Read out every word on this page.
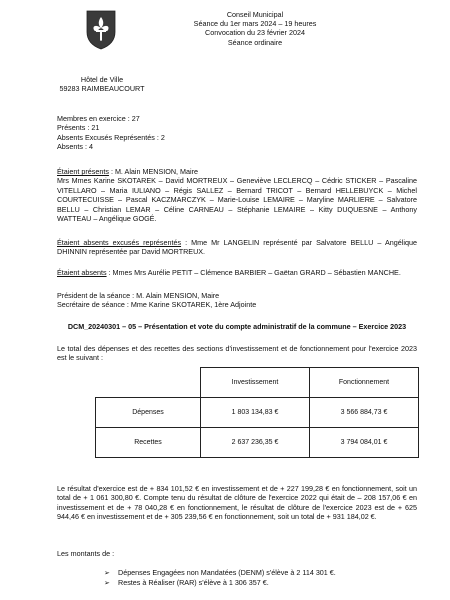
Hôtel de Ville
59283 RAIMBEAUCOURT
Conseil Municipal
Séance du 1er mars 2024 – 19 heures
Convocation du 23 février 2024
Séance ordinaire
Membres en exercice : 27
Présents : 21
Absents Excusés Représentés : 2
Absents : 4
Étaient présents : M. Alain MENSION, Maire
Mrs Mmes Karine SKOTAREK – David MORTREUX – Geneviève LECLERCQ – Cédric STICKER – Pascaline VITELLARO – Maria IULIANO – Régis SALLEZ – Bernard TRICOT – Bernard HELLEBUYCK – Michel COURTECUISSE – Pascal KACZMARCZYK – Marie-Louise LEMAIRE – Maryline MARLIERE – Salvatore BELLU – Christian LEMAR – Céline CARNEAU – Stéphanie LEMAIRE – Kitty DUQUESNE – Anthony WATTEAU – Angélique GOGÉ.
Étaient absents excusés représentés : Mme Mr LANGELIN représenté par Salvatore BELLU – Angélique DHINNIN représentée par David MORTREUX.
Étaient absents : Mmes Mrs Aurélie PETIT – Clémence BARBIER – Gaëtan GRARD – Sébastien MANCHE.
Président de la séance : M. Alain MENSION, Maire
Secrétaire de séance : Mme Karine SKOTAREK, 1ère Adjointe
DCM_20240301 – 05 – Présentation et vote du compte administratif de la commune – Exercice 2023
Le total des dépenses et des recettes des sections d'investissement et de fonctionnement pour l'exercice 2023 est le suivant :
	Investissement	Fonctionnement
Dépenses	1 803 134,83 €	3 566 884,73 €
Recettes	2 637 236,35 €	3 794 084,01 €
Le résultat d'exercice est de + 834 101,52 € en investissement et de + 227 199,28 € en fonctionnement, soit un total de + 1 061 300,80 €. Compte tenu du résultat de clôture de l'exercice 2022 qui était de – 208 157,06 € en investissement et de + 78 040,28 € en fonctionnement, le résultat de clôture de l'exercice 2023 est de + 625 944,46 € en investissement et de + 305 239,56 € en fonctionnement, soit un total de + 931 184,02 €.
Les montants de :
➢ Dépenses Engagées non Mandatées (DENM) s'élève à 2 114 301 €.
➢ Restes à Réaliser (RAR) s'élève à 1 306 357 €.
